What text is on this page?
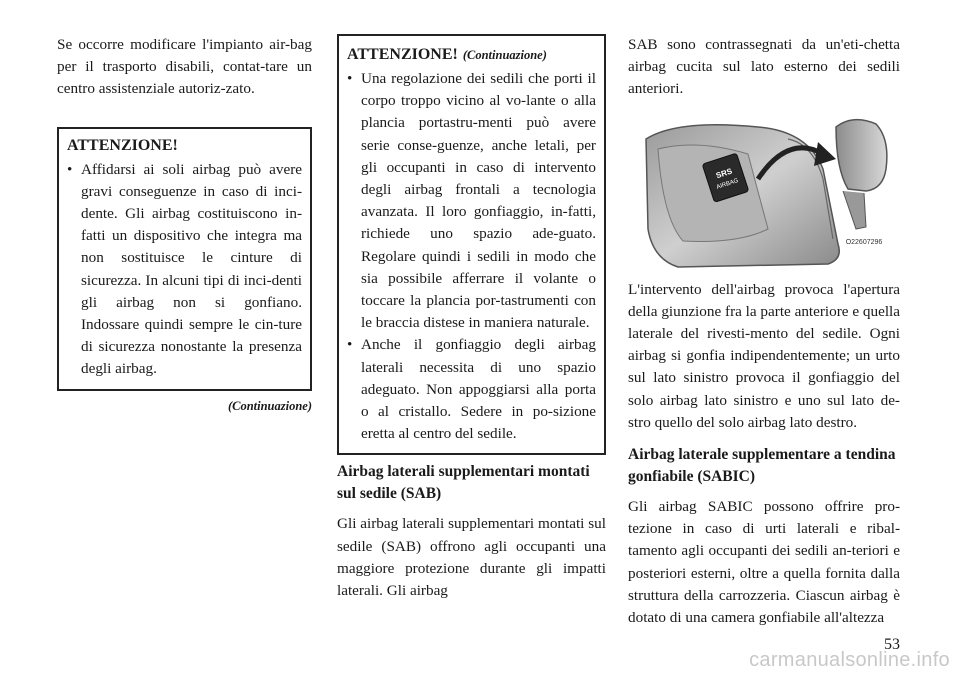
Se occorre modificare l'impianto air-bag per il trasporto disabili, contat-tare un centro assistenziale autoriz-zato.

ATTENZIONE!
• Affidarsi ai soli airbag può avere gravi conseguenze in caso di inci-dente. Gli airbag costituiscono in-fatti un dispositivo che integra ma non sostituisce le cinture di sicurezza. In alcuni tipi di inci-denti gli airbag non si gonfiano. Indossare quindi sempre le cin-ture di sicurezza nonostante la presenza degli airbag.
(Continuazione)
ATTENZIONE! (Continuazione)
• Una regolazione dei sedili che porti il corpo troppo vicino al vo-lante o alla plancia portastru-menti può avere serie conse-guenze, anche letali, per gli occupanti in caso di intervento degli airbag frontali a tecnologia avanzata. Il loro gonfiaggio, in-fatti, richiede uno spazio ade-guato. Regolare quindi i sedili in modo che sia possibile afferrare il volante o toccare la plancia por-tastrumenti con le braccia distese in maniera naturale.
• Anche il gonfiaggio degli airbag laterali necessita di uno spazio adeguato. Non appoggiarsi alla porta o al cristallo. Sedere in po-sizione eretta al centro del sedile.
Airbag laterali supplementari montati sul sedile (SAB)

Gli airbag laterali supplementari montati sul sedile (SAB) offrono agli occupanti una maggiore protezione durante gli impatti laterali. Gli airbag

SAB sono contrassegnati da un'eti-chetta airbag cucita sul lato esterno dei sedili anteriori.

SRS
AIRBAG
O22607296

L'intervento dell'airbag provoca l'apertura della giunzione fra la parte anteriore e quella laterale del rivesti-mento del sedile. Ogni airbag si gonfia indipendentemente; un urto sul lato sinistro provoca il gonfiaggio del solo airbag lato sinistro e uno sul lato de-stro quello del solo airbag lato destro.

Airbag laterale supplementare a tendina gonfiabile (SABIC)

Gli airbag SABIC possono offrire pro-tezione in caso di urti laterali e ribal-tamento agli occupanti dei sedili an-teriori e posteriori esterni, oltre a quella fornita dalla struttura della carrozzeria. Ciascun airbag è dotato di una camera gonfiabile all'altezza

53
carmanualsonline.info
